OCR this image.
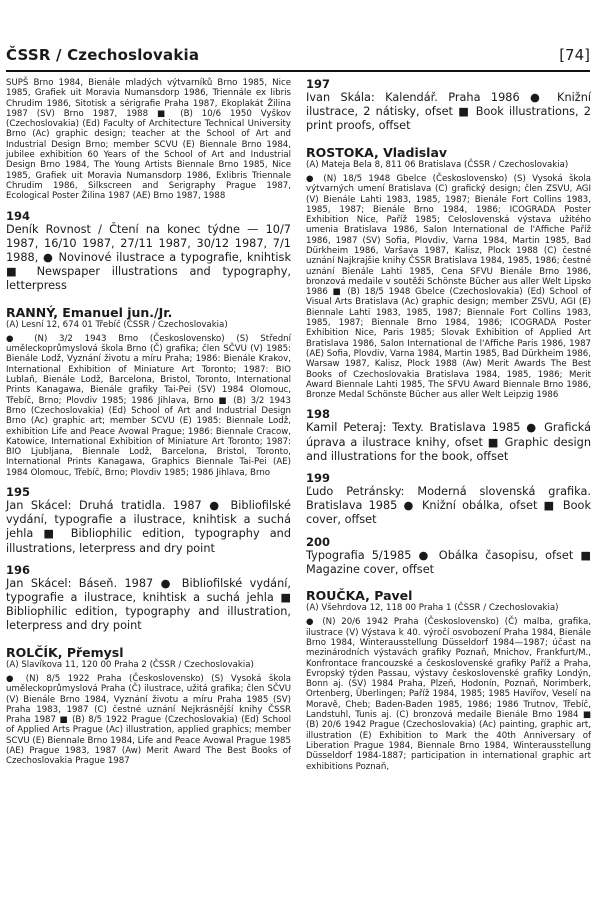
ČSSR / Czechoslovakia	[74]

SUPŠ Brno 1984, Bienále mladých výtvarníků Brno 1985, Nice 1985, Grafiek uit Moravia Numansdorp 1986, Triennále ex libris Chrudim 1986, Sitotisk a sérigrafie Praha 1987, Ekoplakát Žilina 1987 (SV) Brno 1987, 1988 ■ (B) 10/6 1950 Vyškov (Czechoslovakia) (Ed) Faculty of Architecture Technical University Brno (Ac) graphic design; teacher at the School of Art and Industrial Design Brno; member SCVU (E) Biennale Brno 1984, jubilee exhibition 60 Years of the School of Art and Industrial Design Brno 1984, The Young Artists Biennale Brno 1985, Nice 1985, Grafiek uit Moravia Numansdorp 1986, Exlibris Triennale Chrudim 1986, Silkscreen and Serigraphy Prague 1987, Ecological Poster Žilina 1987 (AE) Brno 1987, 1988

194

Deník Rovnost / Čtení na konec týdne — 10/7 1987, 16/10 1987, 27/11 1987, 30/12 1987, 7/1 1988, ● Novinové ilustrace a typografie, knihtisk ■ Newspaper illustrations and typography, letterpress

RANNÝ, Emanuel jun./Jr.

(A) Lesní 12, 674 01 Třebíč (ČSSR / Czechoslovakia)

● (N) 3/2 1943 Brno (Československo) (S) Střední uměleckoprůmyslová škola Brno (Č) grafika; člen SČVU (V) 1985: Bienále Lodž, Vyznání životu a míru Praha; 1986: Bienále Krakov, International Exhibition of Miniature Art Toronto; 1987: BIO Lublaň, Bienále Lodž, Barcelona, Bristol, Toronto, International Prints Kanagawa, Bienále grafiky Tai-Pei (SV) 1984 Olomouc, Třebíč, Brno; Plovdiv 1985; 1986 Jihlava, Brno ■ (B) 3/2 1943 Brno (Czechoslovakia) (Ed) School of Art and Industrial Design Brno (Ac) graphic art; member SCVU (E) 1985: Biennale Lodž, exhibition Life and Peace Avowal Prague; 1986: Biennale Cracow, Katowice, International Exhibition of Miniature Art Toronto; 1987: BIO Ljubljana, Biennale Lodž, Barcelona, Bristol, Toronto, International Prints Kanagawa, Graphics Biennale Tai-Pei (AE) 1984 Olomouc, Třebíč, Brno; Plovdiv 1985; 1986 Jihlava, Brno

195

Jan Skácel: Druhá tratidla. 1987 ● Bibliofilské vydání, typografie a ilustrace, knihtisk a suchá jehla ■ Bibliophilic edition, typography and illustrations, leterpress and dry point

196

Jan Skácel: Báseň. 1987 ● Bibliofilské vydání, typografie a ilustrace, knihtisk a suchá jehla ■ Bibliophilic edition, typography and illustration, leterpress and dry point

ROLČÍK, Přemysl

(A) Slavíkova 11, 120 00 Praha 2 (ČSSR / Czechoslovakia)

● (N) 8/5 1922 Praha (Československo) (S) Vysoká škola uměleckoprůmyslová Praha (Č) ilustrace, užitá grafika; člen SČVU (V) Bienále Brno 1984, Vyznání životu a míru Praha 1985 (SV) Praha 1983, 1987 (C) čestné uznání Nejkrásnější knihy ČSSR Praha 1987 ■ (B) 8/5 1922 Prague (Czechoslovakia) (Ed) School of Applied Arts Prague (Ac) illustration, applied graphics; member SCVU (E) Biennale Brno 1984, Life and Peace Avowal Prague 1985 (AE) Prague 1983, 1987 (Aw) Merit Award The Best Books of Czechoslovakia Prague 1987

197

Ivan Skála: Kalendář. Praha 1986 ● Knižní ilustrace, 2 nátisky, ofset ■ Book illustrations, 2 print proofs, offset

ROSTOKA, Vladislav

(A) Mateja Bela 8, 811 06 Bratislava (ČSSR / Czechoslovakia)

● (N) 18/5 1948 Gbelce (Československo) (S) Vysoká škola výtvarných umení Bratislava (C) grafický design; člen ZSVU, AGI (V) Bienále Lahti 1983, 1985, 1987; Bienále Fort Collins 1983, 1985, 1987; Bienále Brno 1984, 1986; ICOGRADA Poster Exhibition Nice, Paříž 1985; Celoslovenská výstava užitého umenia Bratislava 1986, Salon International de l'Affiche Paříž 1986, 1987 (SV) Sofia, Plovdiv, Varna 1984, Martin 1985, Bad Dürkheim 1986, Varšava 1987, Kalisz, Plock 1988 (C) čestné uznání Najkrajšie knihy ČSSR Bratislava 1984, 1985, 1986; čestné uznání Bienále Lahti 1985, Cena SFVU Bienále Brno 1986, bronzová medaile v soutěži Schönste Bücher aus aller Welt Lipsko 1986 ■ (B) 18/5 1948 Gbelce (Czechoslovakia) (Ed) School of Visual Arts Bratislava (Ac) graphic design; member ZSVU, AGI (E) Biennale Lahti 1983, 1985, 1987; Biennale Fort Collins 1983, 1985, 1987; Biennale Brno 1984, 1986; ICOGRADA Poster Exhibition Nice, Paris 1985; Slovak Exhibition of Applied Art Bratislava 1986, Salon International de l'Affiche Paris 1986, 1987 (AE) Sofia, Plovdiv, Varna 1984, Martin 1985, Bad Dürkheim 1986, Warsaw 1987, Kalisz, Plock 1988 (Aw) Merit Awards The Best Books of Czechoslovakia Bratislava 1984, 1985, 1986; Merit Award Biennale Lahti 1985, The SFVU Award Biennale Brno 1986, Bronze Medal Schönste Bücher aus aller Welt Leipzig 1986

198

Kamil Peteraj: Texty. Bratislava 1985 ● Grafická úprava a ilustrace knihy, ofset ■ Graphic design and illustrations for the book, offset

199

Ľudo Petránsky: Moderná slovenská grafika. Bratislava 1985 ● Knižní obálka, ofset ■ Book cover, offset

200

Typografia 5/1985 ● Obálka časopisu, ofset ■ Magazine cover, offset

ROUČKA, Pavel

(A) Všehrdova 12, 118 00 Praha 1 (ČSSR / Czechoslovakia)

● (N) 20/6 1942 Praha (Československo) (Č) malba, grafika, ilustrace (V) Výstava k 40. výročí osvobození Praha 1984, Bienále Brno 1984, Winterausstellung Düsseldorf 1984—1987; účast na mezinárodních výstavách grafiky Poznaň, Mnichov, Frankfurt/M., Konfrontace francouzské a československé grafiky Paříž a Praha, Evropský týden Passau, výstavy československé grafiky Londýn, Bonn aj. (SV) 1984 Praha, Plzeň, Hodonín, Poznaň, Norimberk, Ortenberg, Überlingen; Paříž 1984, 1985; 1985 Havířov, Veselí na Moravě, Cheb; Baden-Baden 1985, 1986; 1986 Trutnov, Třebíč, Landstuhl, Tunis aj. (C) bronzová medaile Bienále Brno 1984 ■ (B) 20/6 1942 Prague (Czechoslovakia) (Ac) painting, graphic art, illustration (E) Exhibition to Mark the 40th Anniversary of Liberation Prague 1984, Biennale Brno 1984, Winterausstellung Düsseldorf 1984-1887; participation in international graphic art exhibitions Poznaň,
